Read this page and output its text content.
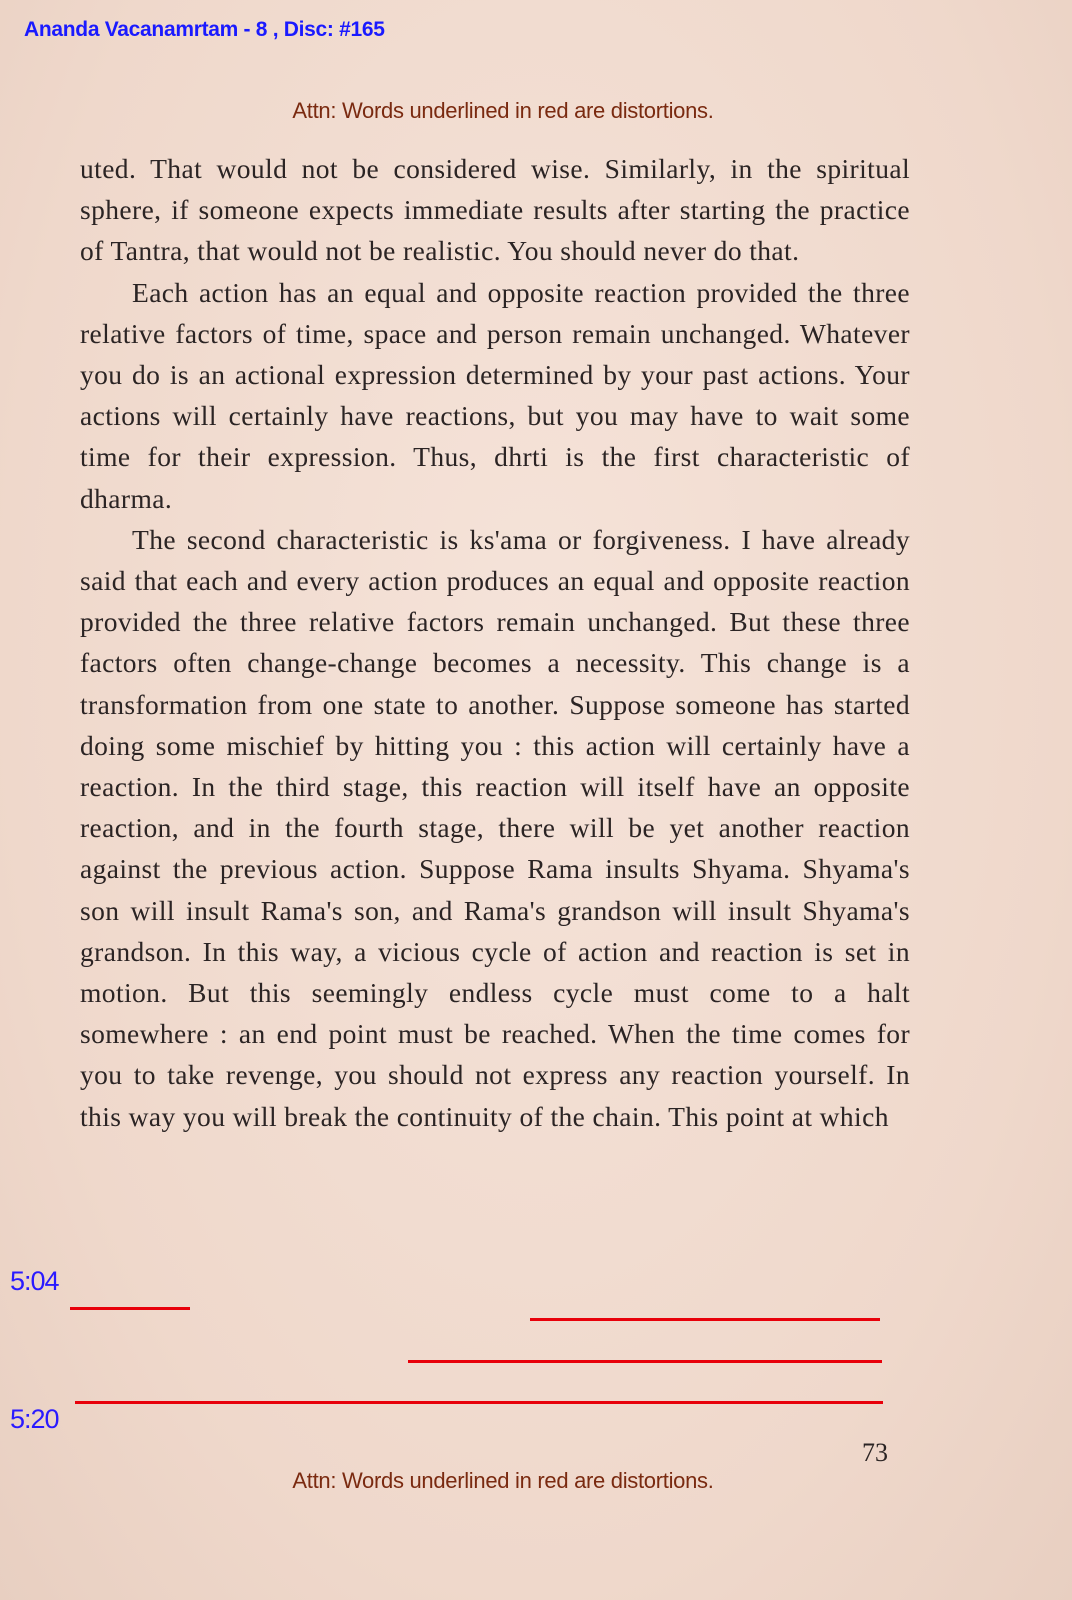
Ananda Vacanamrtam - 8 , Disc: #165
Attn: Words underlined in red are distortions.

uted. That would not be considered wise. Similarly, in the spiritual sphere, if someone expects immediate results after starting the practice of Tantra, that would not be realistic. You should never do that.

Each action has an equal and opposite reaction provided the three relative factors of time, space and person remain unchanged. Whatever you do is an actional expression determined by your past actions. Your actions will certainly have reactions, but you may have to wait some time for their expression. Thus, dhrti is the first characteristic of dharma.

The second characteristic is ks'ama or forgiveness. I have already said that each and every action produces an equal and opposite reaction provided the three relative factors remain unchanged. But these three factors often change-change becomes a necessity. This change is a transformation from one state to another. Suppose someone has started doing some mischief by hitting you : this action will certainly have a reaction. In the third stage, this reaction will itself have an opposite reaction, and in the fourth stage, there will be yet another reaction against the previous action. Suppose Rama insults Shyama. Shyama's son will insult Rama's son, and Rama's grandson will insult Shyama's grandson. In this way, a vicious cycle of action and reaction is set in motion. But this seemingly endless cycle must come to a halt somewhere : an end point must be reached. When the time comes for you to take revenge, you should not express any reaction yourself. In this way you will break the continuity of the chain. This point at which

5:04
5:20
73
Attn: Words underlined in red are distortions.
